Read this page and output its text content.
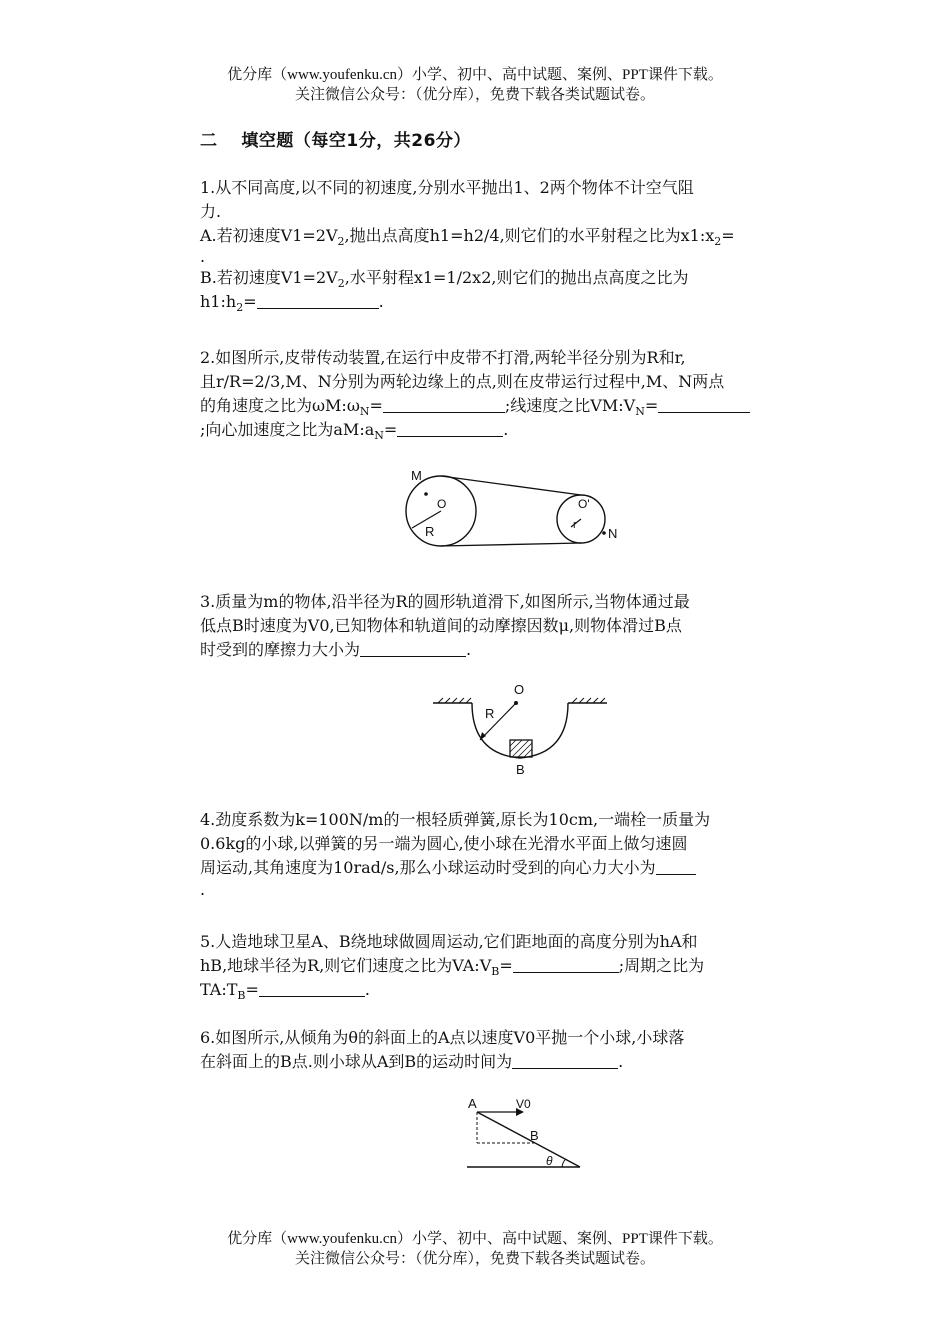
优分库（www.youfenku.cn）小学、初中、高中试题、案例、PPT课件下载。
关注微信公众号：（优分库），免费下载各类试题试卷。
二　 填空题（每空1分，共26分）
1.从不同高度,以不同的初速度,分别水平抛出1、2两个物体不计空气阻
力.
A.若初速度$V1=2V_2$,抛出点高度h1=h2/4,则它们的水平射程之比为$x1:x_2=$
.
B.若初速度$V1=2V_2$,水平射程x1=1/2x2,则它们的抛出点高度之比为
$h1:h_2=$	.
2.如图所示,皮带传动装置,在运行中皮带不打滑,两轮半径分别为R和r,
且r/R=2/3,M、N分别为两轮边缘上的点,则在皮带运行过程中,M、N两点
的角速度之比为$\omega M:\omega_N=$	;线速度之比$VM:V_N=$
;向心加速度之比为$aM:a_N=$	.
M
O
R
O'
r
N
3.质量为m的物体,沿半径为R的圆形轨道滑下,如图所示,当物体通过最
低点B时速度为V0,已知物体和轨道间的动摩擦因数μ,则物体滑过B点
时受到的摩擦力大小为	.
O
R
B
4.劲度系数为k=100N/m的一根轻质弹簧,原长为10cm,一端栓一质量为
0.6kg的小球,以弹簧的另一端为圆心,使小球在光滑水平面上做匀速圆
周运动,其角速度为10rad/s,那么小球运动时受到的向心力大小为
.
5.人造地球卫星A、B绕地球做圆周运动,它们距地面的高度分别为hA和
hB,地球半径为R,则它们速度之比为$VA:V_B=$	;周期之比为
$TA:T_B=$	.
6.如图所示,从倾角为θ的斜面上的A点以速度V0平抛一个小球,小球落
在斜面上的B点.则小球从A到B的运动时间为	.
A	V0
B
θ
优分库（www.youfenku.cn）小学、初中、高中试题、案例、PPT课件下载。
关注微信公众号：（优分库），免费下载各类试题试卷。
